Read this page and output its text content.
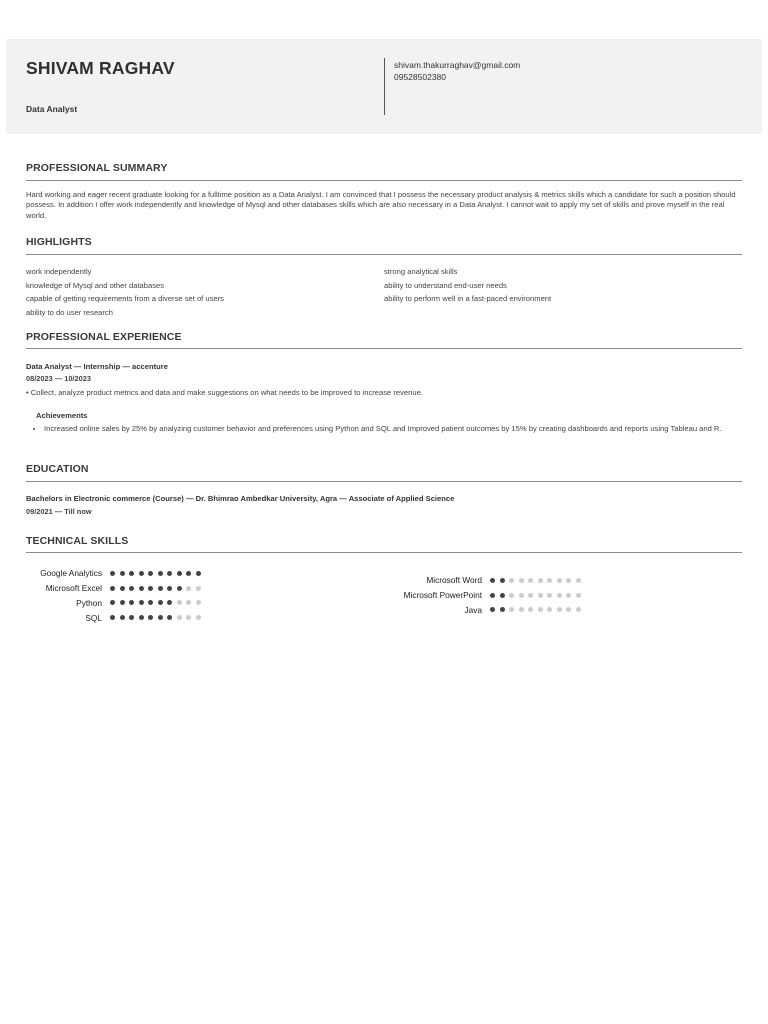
SHIVAM RAGHAV
Data Analyst
shivam.thakurraghav@gmail.com
09528502380
PROFESSIONAL SUMMARY
Hard working and eager recent graduate looking for a fulltime position as a Data Analyst. I am convinced that I possess the necessary product analysis & metrics skills which a candidate for such a position should possess. In addition I offer work independently and knowledge of Mysql and other databases skills which are also necessary in a Data Analyst. I cannot wait to apply my set of skills and prove myself in the real world.
HIGHLIGHTS
work independently
knowledge of Mysql and other databases
capable of getting requirements from a diverse set of users
ability to do user research
strong analytical skills
ability to understand end-user needs
ability to perform well in a fast-paced environment
PROFESSIONAL EXPERIENCE
Data Analyst — Internship — accenture
08/2023 — 10/2023
• Collect, analyze product metrics and data and make suggestions on what needs to be improved to increase revenue.
Achievements
• Increased online sales by 25% by analyzing customer behavior and preferences using Python and SQL and Improved patient outcomes by 15% by creating dashboards and reports using Tableau and R.
EDUCATION
Bachelors in Electronic commerce (Course) — Dr. Bhimrao Ambedkar University, Agra — Associate of Applied Science
09/2021 — Till now
TECHNICAL SKILLS
Google Analytics
Microsoft Excel
Python
SQL
Microsoft Word
Microsoft PowerPoint
Java
